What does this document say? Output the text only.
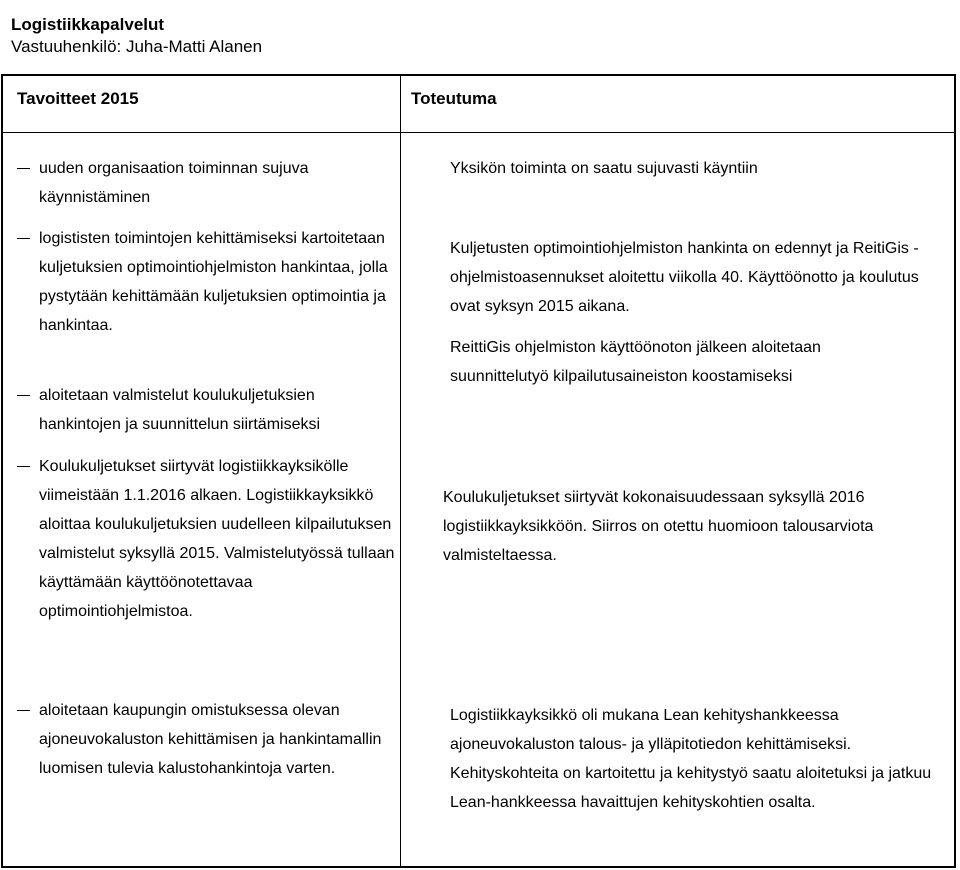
Logistiikkapalvelut
Vastuuhenkilö: Juha-Matti Alanen
Tavoitteet 2015	Toteutuma
uuden organisaation toiminnan sujuva käynnistäminen
logististen toimintojen kehittämiseksi kartoitetaan kuljetuksien optimointiohjelmiston hankintaa, jolla pystytään kehittämään kuljetuksien optimointia ja hankintaa.
aloitetaan valmistelut koulukuljetuksien hankintojen ja suunnittelun siirtämiseksi
Koulukuljetukset siirtyvät logistiikkayksikölle viimeistään 1.1.2016 alkaen. Logistiikkayksikkö aloittaa koulukuljetuksien uudelleen kilpailutuksen valmistelut syksyllä 2015. Valmistelutyössä tullaan käyttämään käyttöönotettavaa optimointiohjelmistoa.
aloitetaan kaupungin omistuksessa olevan ajoneuvokaluston kehittämisen ja hankintamallin luomisen tulevia kalustohankintoja varten.
Yksikön toiminta on saatu sujuvasti käyntiin
Kuljetusten optimointiohjelmiston hankinta on edennyt ja ReitiGis -ohjelmistoasennukset aloitettu viikolla 40. Käyttöönotto ja koulutus ovat syksyn 2015 aikana.
ReittiGis ohjelmiston käyttöönoton jälkeen aloitetaan suunnittelutyö kilpailutusaineiston koostamiseksi
Koulukuljetukset siirtyvät kokonaisuudessaan syksyllä 2016 logistiikkayksikköön. Siirros on otettu huomioon talousarviota valmisteltaessa.
Logistiikkayksikkö oli mukana Lean kehityshankkeessa ajoneuvokaluston talous- ja ylläpitotiedon kehittämiseksi. Kehityskohteita on kartoitettu ja kehitystyö saatu aloitetuksi ja jatkuu Lean-hankkeessa havaittujen kehityskohtien osalta.
